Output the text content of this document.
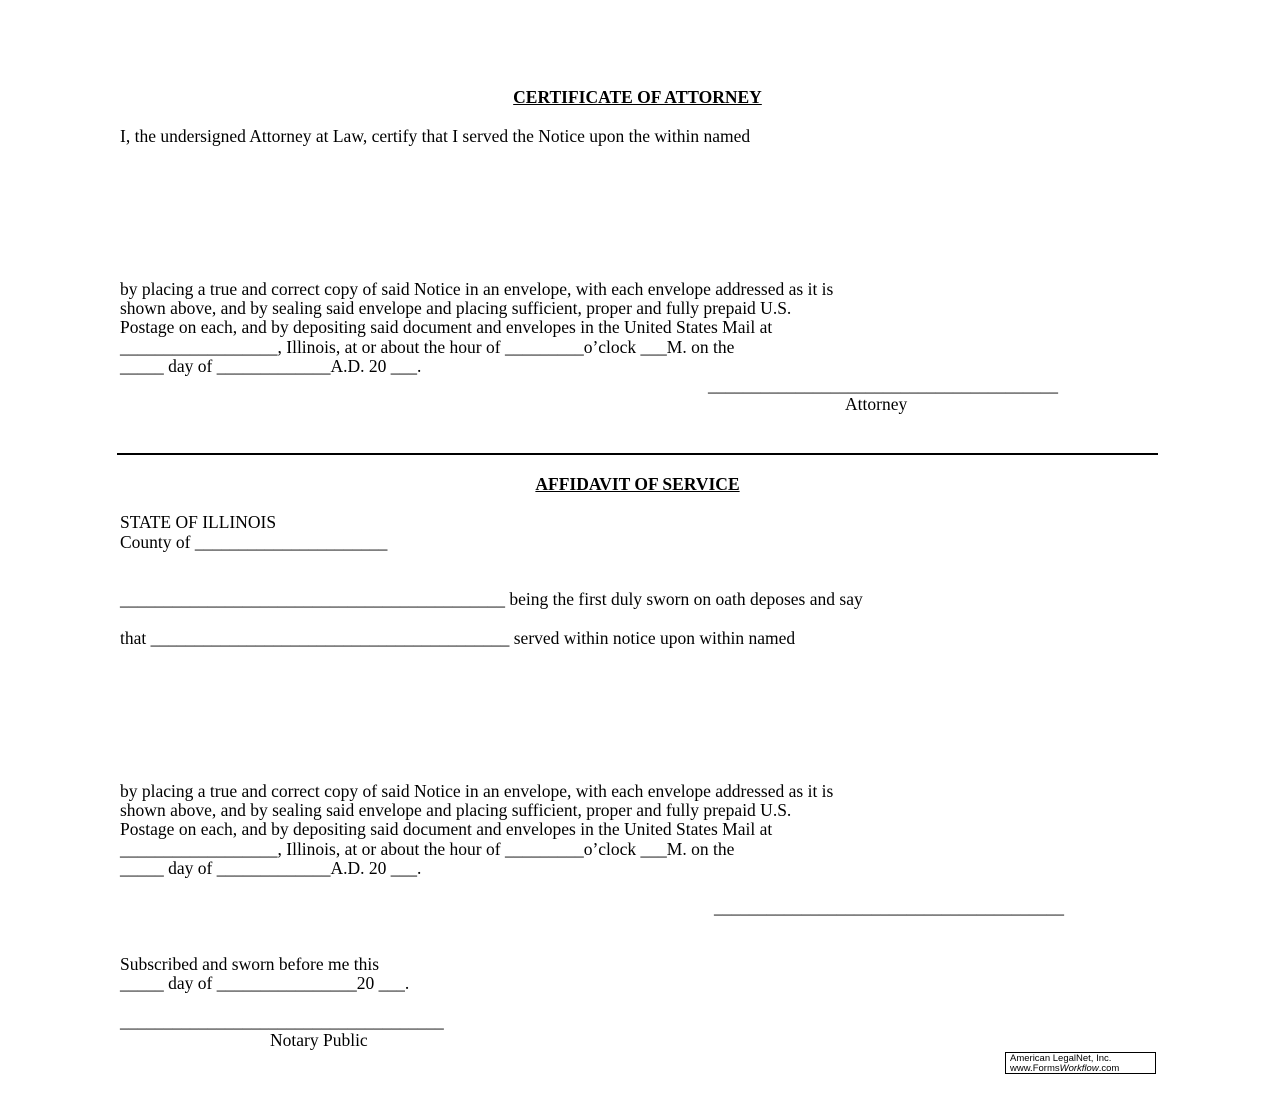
CERTIFICATE OF ATTORNEY
I, the undersigned Attorney at Law, certify that I served the Notice upon the within named
by placing a true and correct copy of said Notice in an envelope, with each envelope addressed as it is
shown above, and by sealing said envelope and placing sufficient, proper and fully prepaid U.S.
Postage on each, and by depositing said document and envelopes in the United States Mail at
__________________, Illinois, at or about the hour of _________o’clock ___M. on the
_____ day of _____________A.D. 20 ___.
________________________________________
Attorney
AFFIDAVIT OF SERVICE
STATE OF ILLINOIS
County of ______________________
____________________________________________ being the first duly sworn on oath deposes and say
that _________________________________________ served within notice upon within named
by placing a true and correct copy of said Notice in an envelope, with each envelope addressed as it is
shown above, and by sealing said envelope and placing sufficient, proper and fully prepaid U.S.
Postage on each, and by depositing said document and envelopes in the United States Mail at
__________________, Illinois, at or about the hour of _________o’clock ___M. on the
_____ day of _____________A.D. 20 ___.
________________________________________
Subscribed and sworn before me this
_____ day of ________________20 ___.
_____________________________________
Notary Public
American LegalNet, Inc.
www.FormsWorkflow.com
